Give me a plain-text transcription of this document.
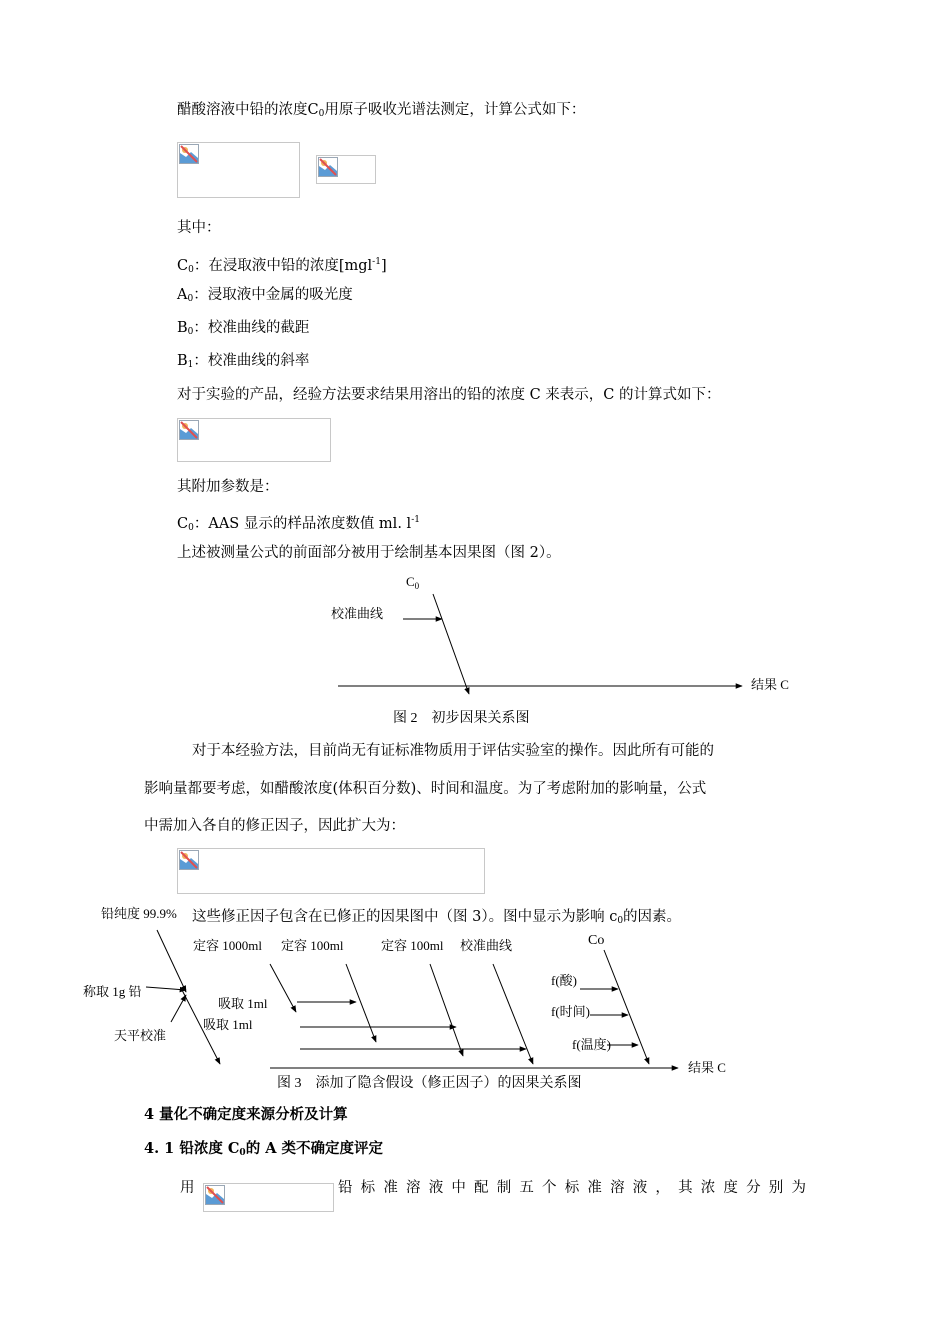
醋酸溶液中铅的浓度$C_0$用原子吸收光谱法测定，计算公式如下：
其中：
$C_0$：在浸取液中铅的浓度[mgl$^{-1}$]
$A_0$：浸取液中金属的吸光度
$B_0$：校准曲线的截距
$B_1$：校准曲线的斜率
对于实验的产品，经验方法要求结果用溶出的铅的浓度 C 来表示，C 的计算式如下：
其附加参数是：
$C_0$：AAS 显示的样品浓度数值 ml. $l^{-1}$
上述被测量公式的前面部分被用于绘制基本因果图（图 2）。
$C_0$
校准曲线
结果 C
图 2　初步因果关系图
对于本经验方法，目前尚无有证标准物质用于评估实验室的操作。因此所有可能的
影响量都要考虑，如醋酸浓度(体积百分数)、时间和温度。为了考虑附加的影响量，公式
中需加入各自的修正因子，因此扩大为：
这些修正因子包含在已修正的因果图中（图 3）。图中显示为影响 $c_0$的因素。
铅纯度 99.9%
称取 1g 铅
天平校准
定容 1000ml 定容 100ml	定容 100ml 校准曲线
吸取 1ml
吸取 1ml
Co
f(酸)
f(时间)
f(温度)
结果 C
图 3　添加了隐含假设（修正因子）的因果关系图
4 量化不确定度来源分析及计算
4. 1 铅浓度 $C_0$的 A 类不确定度评定
用	铅 标 准 溶 液 中 配 制 五 个 标 准 溶 液 ， 其 浓 度 分 别 为
